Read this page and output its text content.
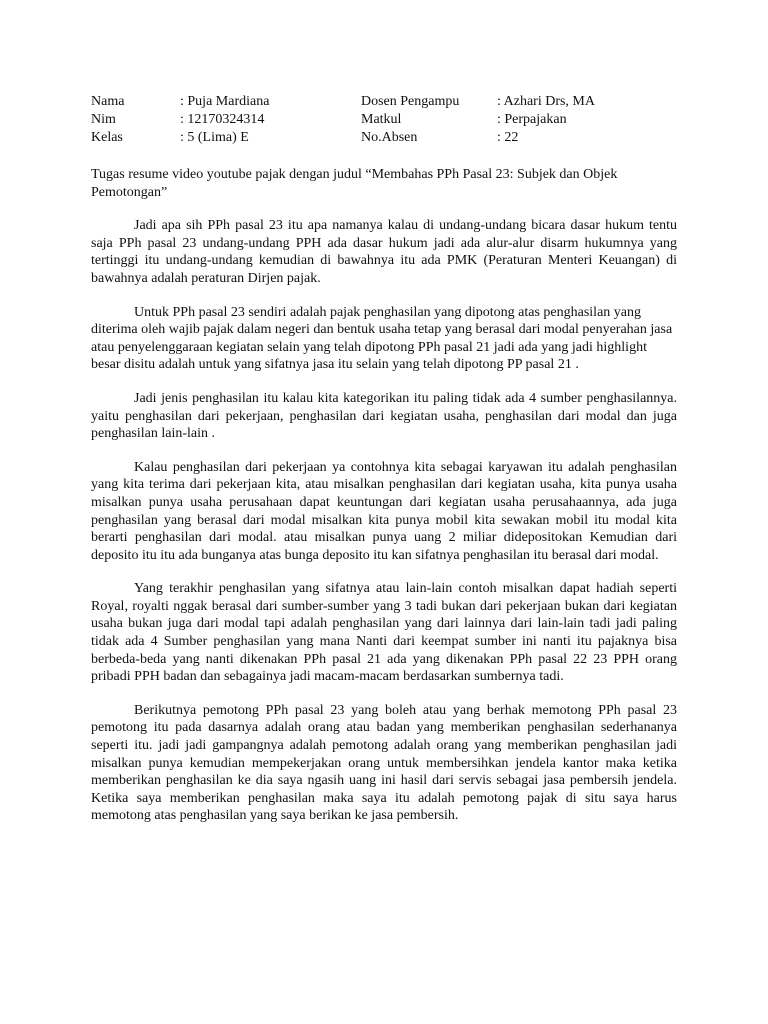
Nama	: Puja Mardiana	Dosen Pengampu	: Azhari Drs, MA
Nim	: 12170324314	Matkul	: Perpajakan
Kelas	: 5 (Lima) E	No.Absen	: 22
Tugas resume video youtube pajak dengan judul “Membahas PPh Pasal 23: Subjek dan Objek Pemotongan”

Jadi apa sih PPh pasal 23 itu apa namanya kalau di undang-undang bicara dasar hukum tentu saja PPh pasal 23 undang-undang PPH ada dasar hukum jadi ada alur-alur disarm hukumnya yang tertinggi itu undang-undang kemudian di bawahnya itu ada PMK (Peraturan Menteri Keuangan) di bawahnya adalah peraturan Dirjen pajak.

Untuk PPh pasal 23 sendiri adalah pajak penghasilan yang dipotong atas penghasilan yang diterima oleh wajib pajak dalam negeri dan bentuk usaha tetap yang berasal dari modal penyerahan jasa atau penyelenggaraan kegiatan selain yang telah dipotong PPh pasal 21 jadi ada yang jadi highlight besar disitu adalah untuk yang sifatnya jasa itu selain yang telah dipotong PP pasal 21 .

Jadi jenis penghasilan itu kalau kita kategorikan itu paling tidak ada 4 sumber penghasilannya. yaitu penghasilan dari pekerjaan, penghasilan dari kegiatan usaha, penghasilan dari modal dan juga penghasilan lain-lain .

Kalau penghasilan dari pekerjaan ya contohnya kita sebagai karyawan itu adalah penghasilan yang kita terima dari pekerjaan kita, atau misalkan penghasilan dari kegiatan usaha, kita punya usaha misalkan punya usaha perusahaan dapat keuntungan dari kegiatan usaha perusahaannya, ada juga penghasilan yang berasal dari modal misalkan kita punya mobil kita sewakan mobil itu modal kita berarti penghasilan dari modal. atau misalkan punya uang 2 miliar didepositokan Kemudian dari deposito itu itu ada bunganya atas bunga deposito itu kan sifatnya penghasilan itu berasal dari modal.

Yang terakhir penghasilan yang sifatnya atau lain-lain contoh misalkan dapat hadiah seperti Royal, royalti nggak berasal dari sumber-sumber yang 3 tadi bukan dari pekerjaan bukan dari kegiatan usaha bukan juga dari modal tapi adalah penghasilan yang dari lainnya dari lain-lain tadi jadi paling tidak ada 4 Sumber penghasilan yang mana Nanti dari keempat sumber ini nanti itu pajaknya bisa berbeda-beda yang nanti dikenakan PPh pasal 21 ada yang dikenakan PPh pasal 22 23 PPH orang pribadi PPH badan dan sebagainya jadi macam-macam berdasarkan sumbernya tadi.

Berikutnya pemotong PPh pasal 23 yang boleh atau yang berhak memotong PPh pasal 23 pemotong itu pada dasarnya adalah orang atau badan yang memberikan penghasilan sederhananya seperti itu. jadi jadi gampangnya adalah pemotong adalah orang yang memberikan penghasilan jadi misalkan punya kemudian mempekerjakan orang untuk membersihkan jendela kantor maka ketika memberikan penghasilan ke dia saya ngasih uang ini hasil dari servis sebagai jasa pembersih jendela. Ketika saya memberikan penghasilan maka saya itu adalah pemotong pajak di situ saya harus memotong atas penghasilan yang saya berikan ke jasa pembersih.
